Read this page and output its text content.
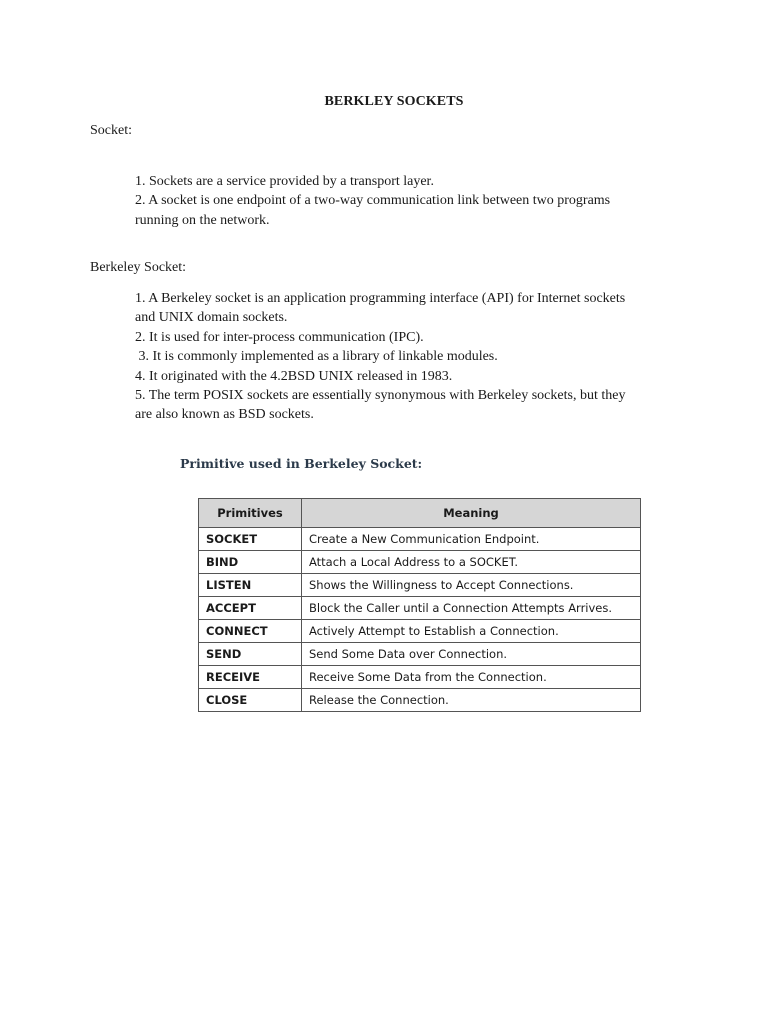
BERKLEY SOCKETS
Socket:
1. Sockets are a service provided by a transport layer.
2. A socket is one endpoint of a two-way communication link between two programs
running on the network.
Berkeley Socket:
1. A Berkeley socket is an application programming interface (API) for Internet sockets
and UNIX domain sockets.
2. It is used for inter-process communication (IPC).
3. It is commonly implemented as a library of linkable modules.
4. It originated with the 4.2BSD UNIX released in 1983.
5. The term POSIX sockets are essentially synonymous with Berkeley sockets, but they
are also known as BSD sockets.
Primitive used in Berkeley Socket:
Primitives	Meaning
SOCKET	Create a New Communication Endpoint.
BIND	Attach a Local Address to a SOCKET.
LISTEN	Shows the Willingness to Accept Connections.
ACCEPT	Block the Caller until a Connection Attempts Arrives.
CONNECT	Actively Attempt to Establish a Connection.
SEND	Send Some Data over Connection.
RECEIVE	Receive Some Data from the Connection.
CLOSE	Release the Connection.
